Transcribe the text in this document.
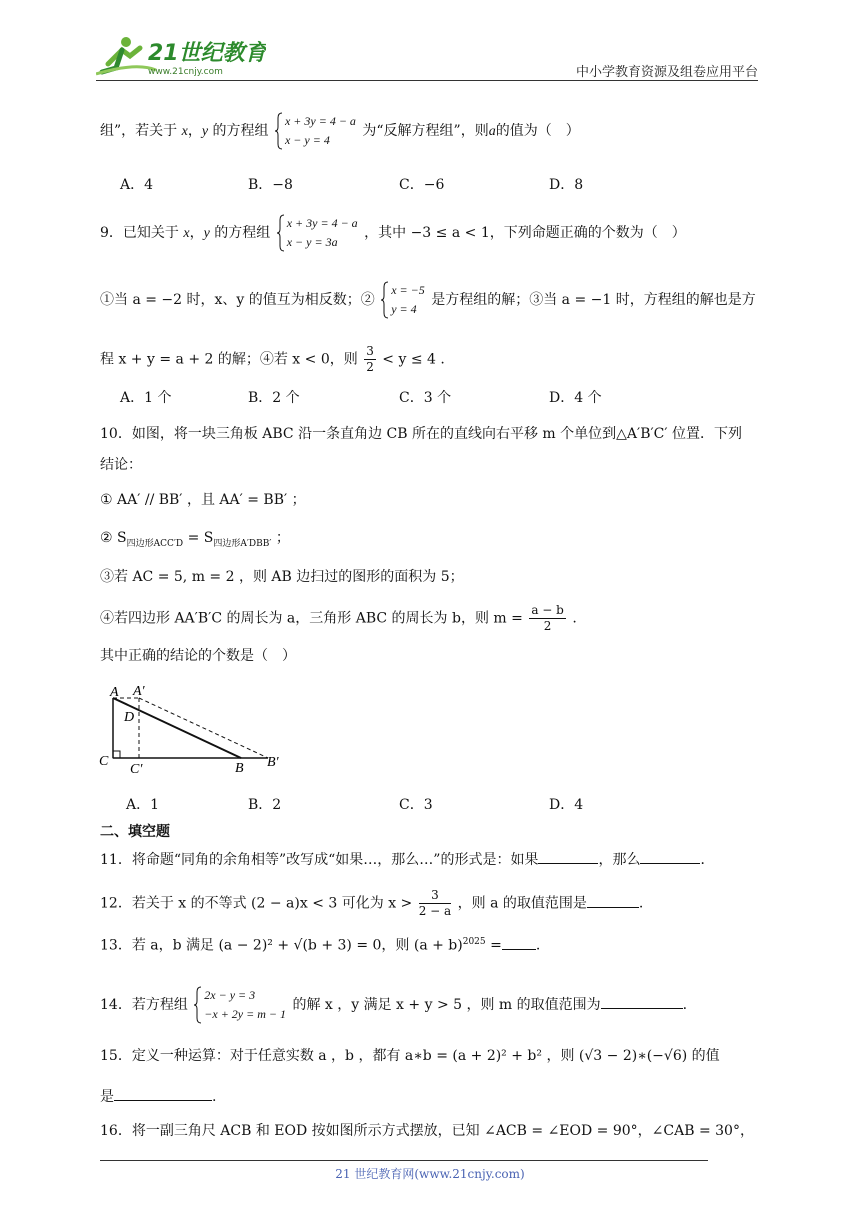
21世纪教育
www.21cnjy.com	中小学教育资源及组卷应用平台
组”，若关于 x，y 的方程组
x + 3y = 4 − a
x − y = 4
为“反解方程组”，则a的值为（　）
A．4	B．−8	C．−6	D．8
9．已知关于 x，y 的方程组
x + 3y = 4 − a
x − y = 3a
，其中 −3 ≤ a < 1，下列命题正确的个数为（　）
①当 a = −2 时，x、y 的值互为相反数；②
x = −5
y = 4
是方程组的解；③当 a = −1 时，方程组的解也是方
程 x + y = a + 2 的解；④若 x < 0，则 $\frac{3}{2} < y \le 4$ .
A．1 个	B．2 个	C．3 个	D．4 个
10．如图，将一块三角板 ABC 沿一条直角边 CB 所在的直线向右平移 m 个单位到△A′B′C′ 位置．下列
结论：
① AA′ // BB′ ，且 AA′ = BB′ ；
② $S_{四边形ACC'D} = S_{四边形A'DBB'}$ ；
③若 AC = 5, m = 2 ，则 AB 边扫过的图形的面积为 5；
④若四边形 AA′B′C 的周长为 a，三角形 ABC 的周长为 b，则 $m = \frac{a - b}{2}$ .
其中正确的结论的个数是（　）
A A′
D
C
C′	B B′
A．1	B．2	C．3	D．4
二、填空题
11．将命题“同角的余角相等”改写成“如果…，那么…”的形式是：如果	，那么	．
12．若关于 x 的不等式 (2 − a)x < 3 可化为 $x > \frac{3}{2 - a}$ ，则 a 的取值范围是	.
13．若 a，b 满足 (a − 2)² + √(b + 3) = 0，则 $(a + b)^{2025}$ = .
14．若方程组
2x − y = 3
−x + 2y = m − 1
的解 x ，y 满足 x + y > 5 ，则 m 的取值范围为	.
15．定义一种运算：对于任意实数 a ，b ，都有 a∗b = (a + 2)² + b² ，则 (√3 − 2)∗(−√6) 的值
是	.
16．将一副三角尺 ACB 和 EOD 按如图所示方式摆放，已知 ∠ACB = ∠EOD = 90°，∠CAB = 30°，
21 世纪教育网(www.21cnjy.com)
